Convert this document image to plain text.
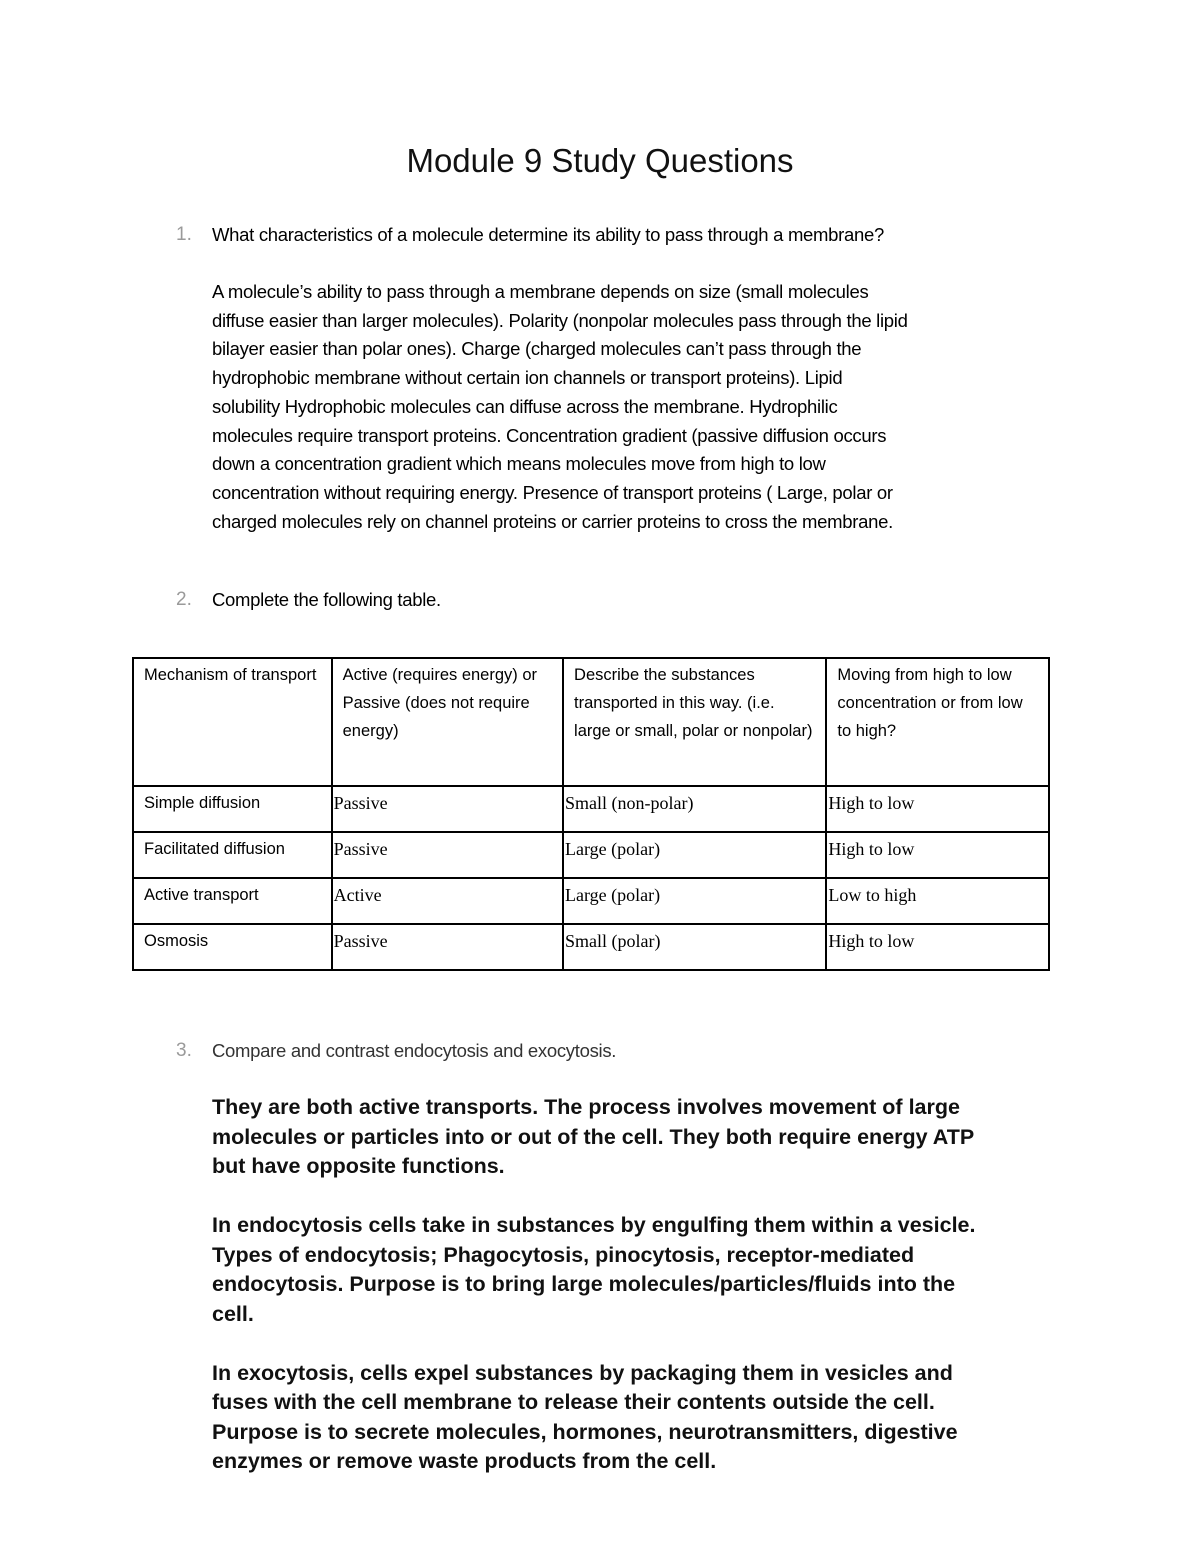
Module 9 Study Questions
1. What characteristics of a molecule determine its ability to pass through a membrane?
A molecule’s ability to pass through a membrane depends on size (small molecules
diffuse easier than larger molecules). Polarity (nonpolar molecules pass through the lipid
bilayer easier than polar ones). Charge (charged molecules can’t pass through the
hydrophobic membrane without certain ion channels or transport proteins). Lipid
solubility Hydrophobic molecules can diffuse across the membrane. Hydrophilic
molecules require transport proteins. Concentration gradient (passive diffusion occurs
down a concentration gradient which means molecules move from high to low
concentration without requiring energy. Presence of transport proteins ( Large, polar or
charged molecules rely on channel proteins or carrier proteins to cross the membrane.
2. Complete the following table.
Mechanism of transport	Active (requires energy) or Passive (does not require energy)	Describe the substances transported in this way. (i.e. large or small, polar or nonpolar)	Moving from high to low concentration or from low to high?
Simple diffusion	Passive	Small (non-polar)	High to low
Facilitated diffusion	Passive	Large (polar)	High to low
Active transport	Active	Large (polar)	Low to high
Osmosis	Passive	Small (polar)	High to low
3. Compare and contrast endocytosis and exocytosis.
They are both active transports. The process involves movement of large
molecules or particles into or out of the cell. They both require energy ATP
but have opposite functions.
In endocytosis cells take in substances by engulfing them within a vesicle.
Types of endocytosis; Phagocytosis, pinocytosis, receptor-mediated
endocytosis. Purpose is to bring large molecules/particles/fluids into the
cell.
In exocytosis, cells expel substances by packaging them in vesicles and
fuses with the cell membrane to release their contents outside the cell.
Purpose is to secrete molecules, hormones, neurotransmitters, digestive
enzymes or remove waste products from the cell.
